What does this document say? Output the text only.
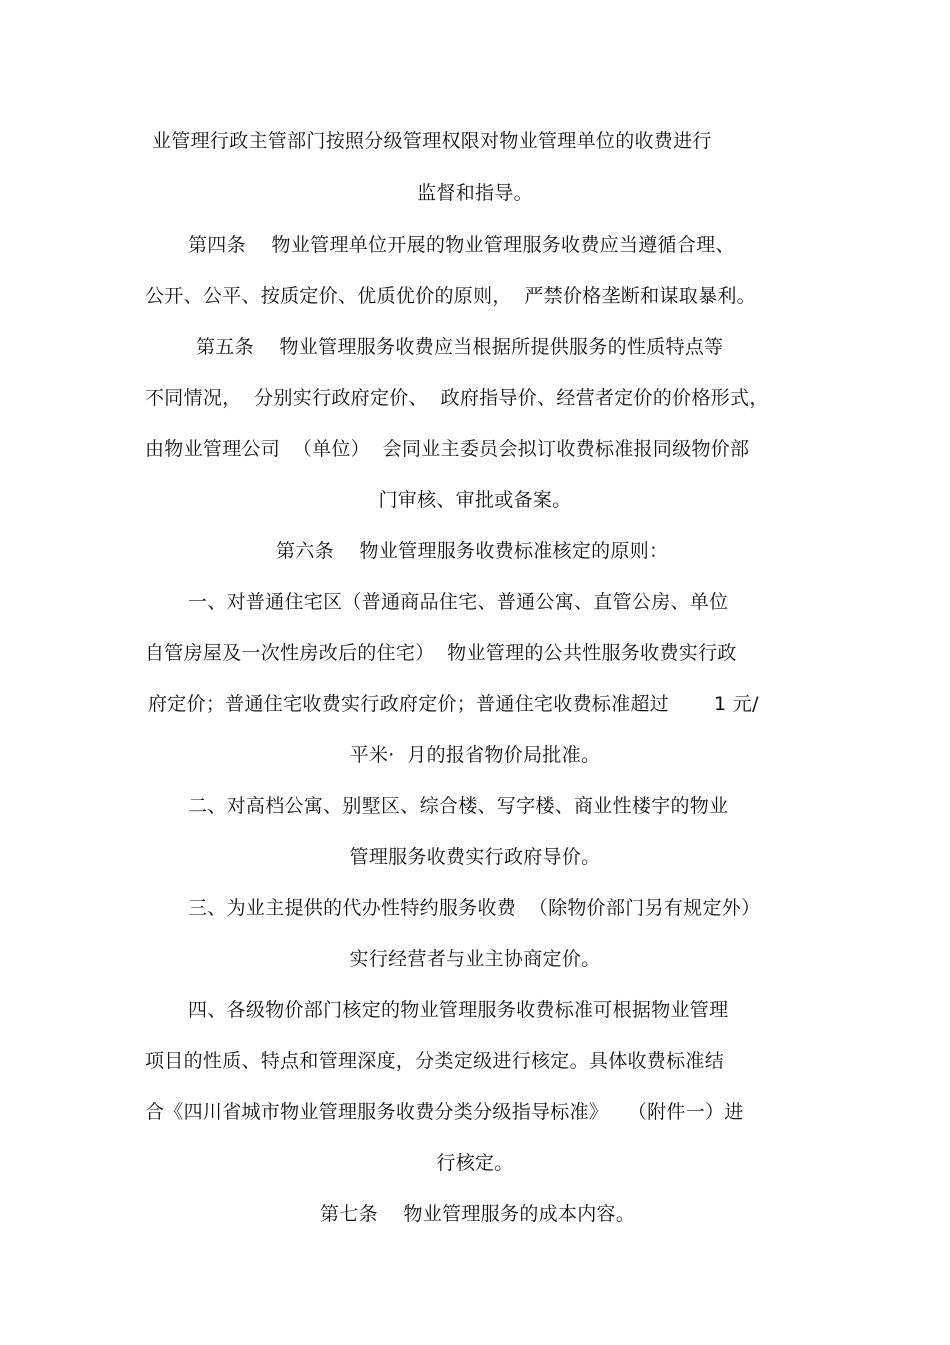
业管理行政主管部门按照分级管理权限对物业管理单位的收费进行
监督和指导。
第四条　 物业管理单位开展的物业管理服务收费应当遵循合理、
公开、公平、按质定价、优质优价的原则，  严禁价格垄断和谋取暴利。
第五条　 物业管理服务收费应当根据所提供服务的性质特点等
不同情况，  分别实行政府定价、  政府指导价、经营者定价的价格形式，
由物业管理公司  （单位）  会同业主委员会拟订收费标准报同级物价部
门审核、审批或备案。
第六条　 物业管理服务收费标准核定的原则：
一、对普通住宅区（普通商品住宅、普通公寓、直管公房、单位
自管房屋及一次性房改后的住宅）  物业管理的公共性服务收费实行政
府定价；普通住宅收费实行政府定价；普通住宅收费标准超过　　 1 元/
平米·  月的报省物价局批准。
二、对高档公寓、别墅区、综合楼、写字楼、商业性楼宇的物业
管理服务收费实行政府导价。
三、为业主提供的代办性特约服务收费  （除物价部门另有规定外）
实行经营者与业主协商定价。
四、各级物价部门核定的物业管理服务收费标准可根据物业管理
项目的性质、特点和管理深度，分类定级进行核定。具体收费标准结
合《四川省城市物业管理服务收费分类分级指导标准》　　（附件一）进
行核定。
第七条　 物业管理服务的成本内容。
